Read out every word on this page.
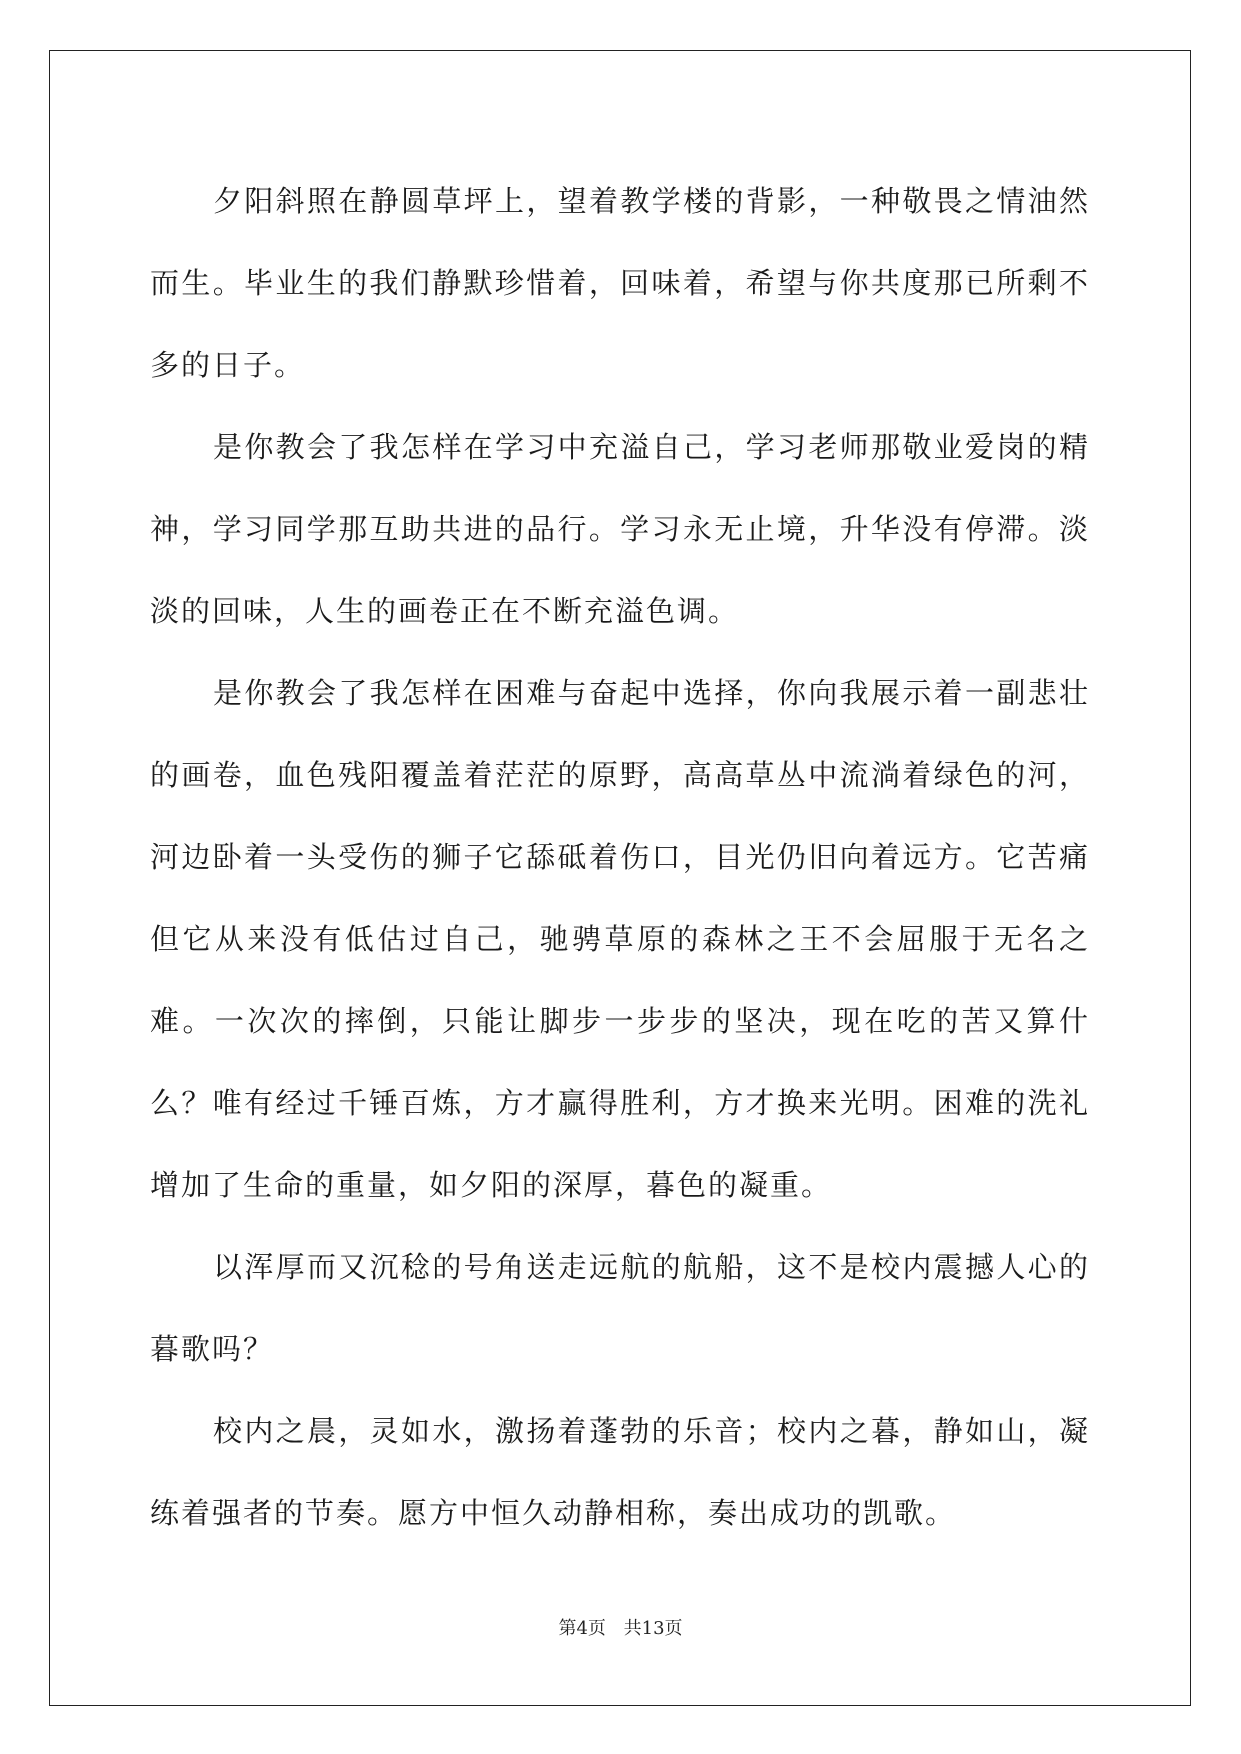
夕阳斜照在静圆草坪上，望着教学楼的背影，一种敬畏之情油然而生。毕业生的我们静默珍惜着，回味着，希望与你共度那已所剩不多的日子。

是你教会了我怎样在学习中充溢自己，学习老师那敬业爱岗的精神，学习同学那互助共进的品行。学习永无止境，升华没有停滞。淡淡的回味，人生的画卷正在不断充溢色调。

是你教会了我怎样在困难与奋起中选择，你向我展示着一副悲壮的画卷，血色残阳覆盖着茫茫的原野，高高草丛中流淌着绿色的河，河边卧着一头受伤的狮子它舔砥着伤口，目光仍旧向着远方。它苦痛但它从来没有低估过自己，驰骋草原的森林之王不会屈服于无名之难。一次次的摔倒，只能让脚步一步步的坚决，现在吃的苦又算什么？唯有经过千锤百炼，方才赢得胜利，方才换来光明。困难的洗礼增加了生命的重量，如夕阳的深厚，暮色的凝重。

以浑厚而又沉稔的号角送走远航的航船，这不是校内震撼人心的暮歌吗？

校内之晨，灵如水，激扬着蓬勃的乐音；校内之暮，静如山，凝练着强者的节奏。愿方中恒久动静相称，奏出成功的凯歌。

第4页 共13页
